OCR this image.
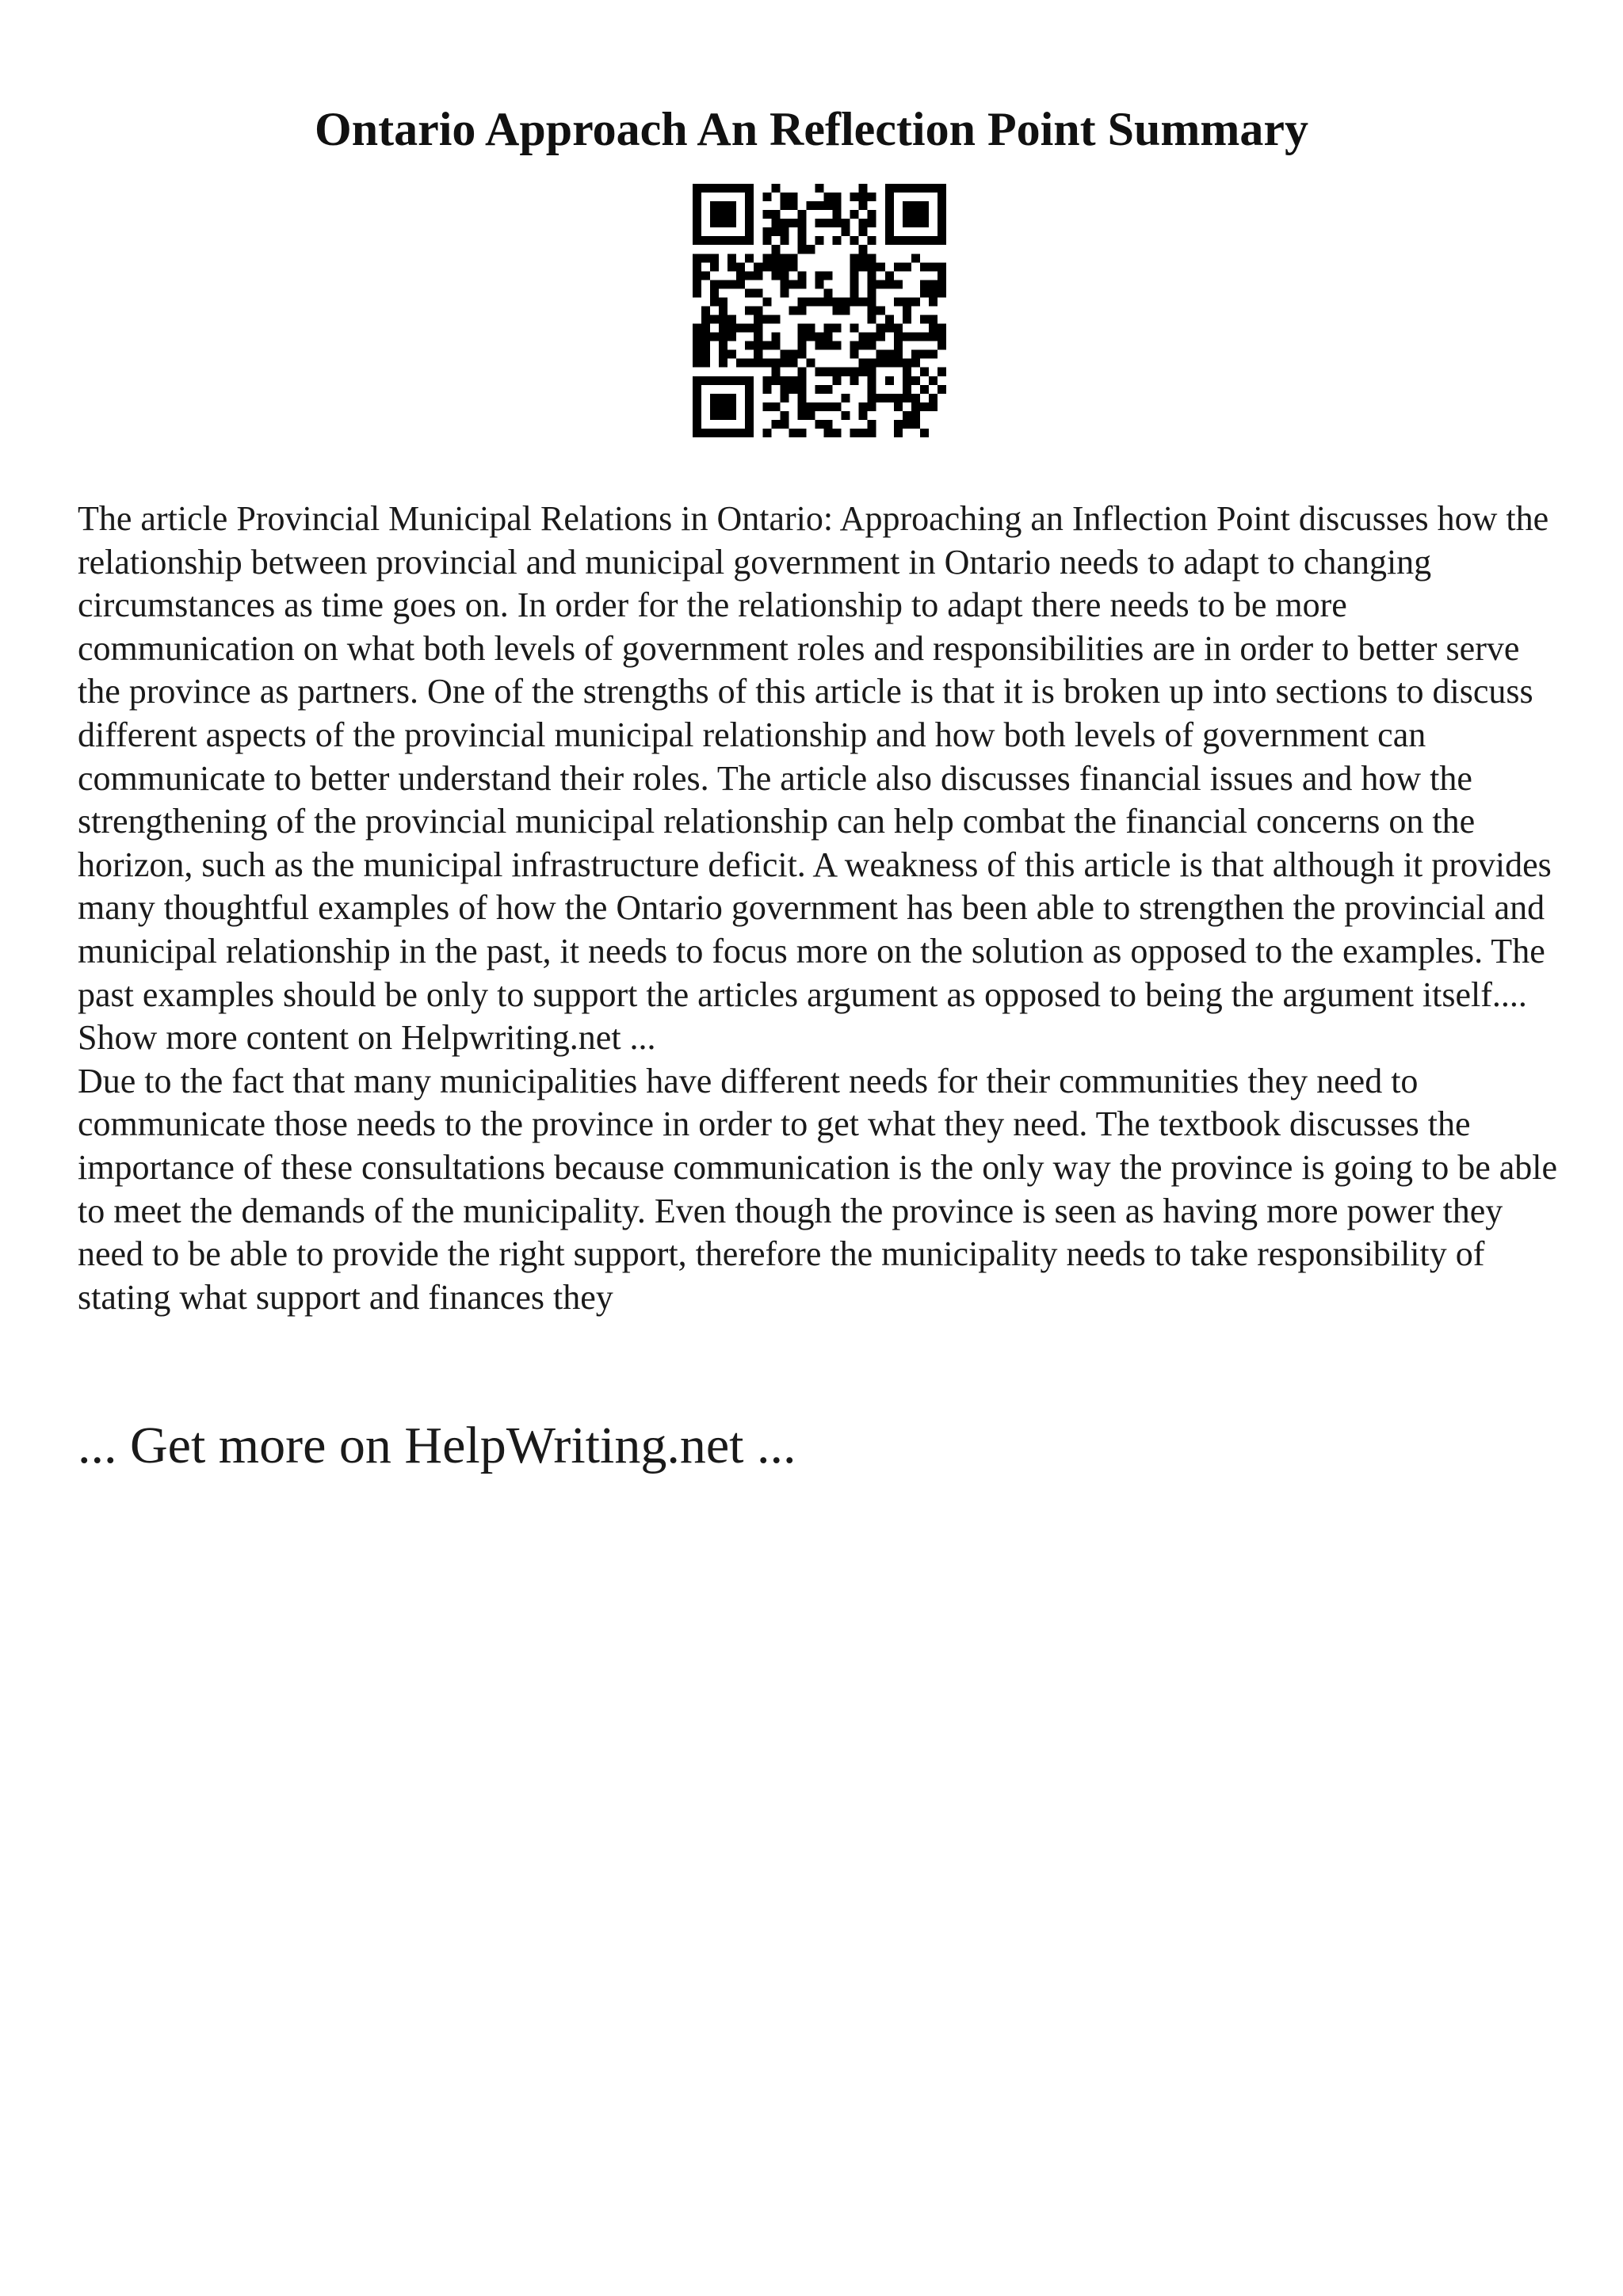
Ontario Approach An Reflection Point Summary

The article Provincial Municipal Relations in Ontario: Approaching an Inflection Point discusses how the relationship between provincial and municipal government in Ontario needs to adapt to changing circumstances as time goes on. In order for the relationship to adapt there needs to be more communication on what both levels of government roles and responsibilities are in order to better serve the province as partners. One of the strengths of this article is that it is broken up into sections to discuss different aspects of the provincial municipal relationship and how both levels of government can communicate to better understand their roles. The article also discusses financial issues and how the strengthening of the provincial municipal relationship can help combat the financial concerns on the horizon, such as the municipal infrastructure deficit. A weakness of this article is that although it provides many thoughtful examples of how the Ontario government has been able to strengthen the provincial and municipal relationship in the past, it needs to focus more on the solution as opposed to the examples. The past examples should be only to support the articles argument as opposed to being the argument itself.... Show more content on Helpwriting.net ...

Due to the fact that many municipalities have different needs for their communities they need to communicate those needs to the province in order to get what they need. The textbook discusses the importance of these consultations because communication is the only way the province is going to be able to meet the demands of the municipality. Even though the province is seen as having more power they need to be able to provide the right support, therefore the municipality needs to take responsibility of stating what support and finances they

... Get more on HelpWriting.net ...
